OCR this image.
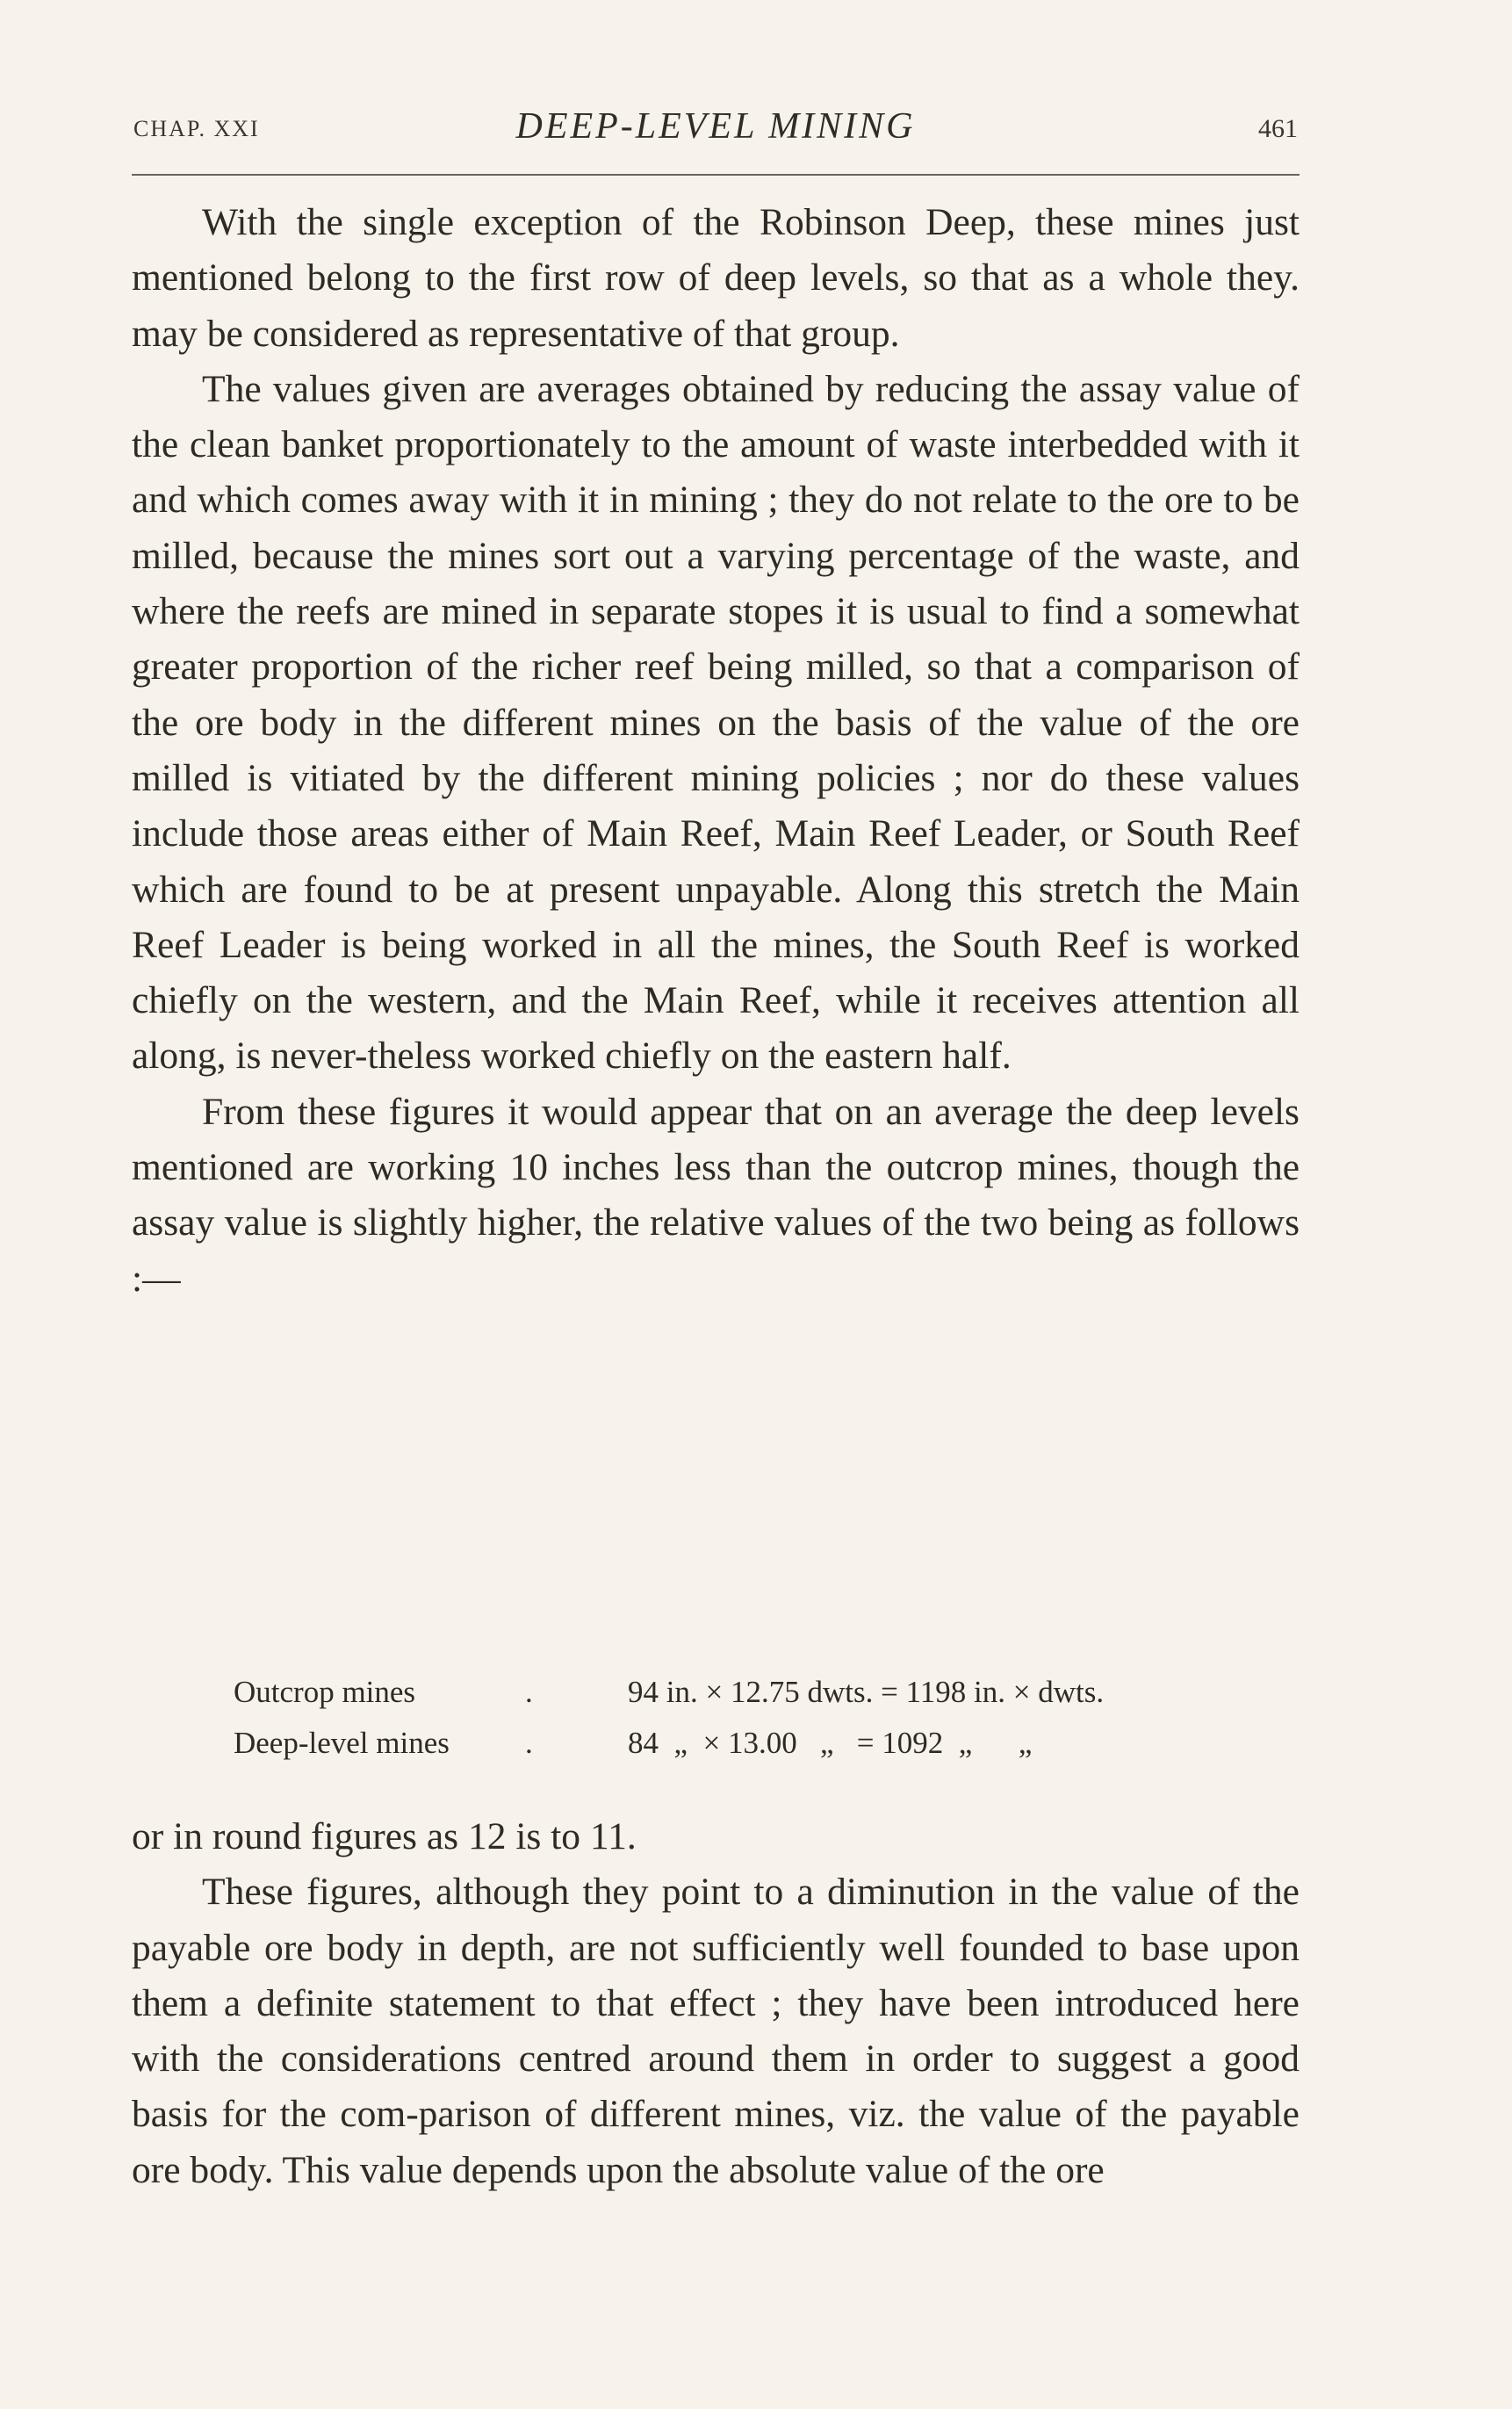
CHAP. XXI	DEEP-LEVEL MINING	461

With the single exception of the Robinson Deep, these mines just mentioned belong to the first row of deep levels, so that as a whole they. may be considered as representative of that group.

The values given are averages obtained by reducing the assay value of the clean banket proportionately to the amount of waste interbedded with it and which comes away with it in mining ; they do not relate to the ore to be milled, because the mines sort out a varying percentage of the waste, and where the reefs are mined in separate stopes it is usual to find a somewhat greater proportion of the richer reef being milled, so that a comparison of the ore body in the different mines on the basis of the value of the ore milled is vitiated by the different mining policies ; nor do these values include those areas either of Main Reef, Main Reef Leader, or South Reef which are found to be at present unpayable. Along this stretch the Main Reef Leader is being worked in all the mines, the South Reef is worked chiefly on the western, and the Main Reef, while it receives attention all along, is never-theless worked chiefly on the eastern half.

From these figures it would appear that on an average the deep levels mentioned are working 10 inches less than the outcrop mines, though the assay value is slightly higher, the relative values of the two being as follows :—

Outcrop mines	.	94 in. × 12.75 dwts. = 1198 in. × dwts.
Deep-level mines .	84  „  × 13.00   „   = 1092  „      „

or in round figures as 12 is to 11.

These figures, although they point to a diminution in the value of the payable ore body in depth, are not sufficiently well founded to base upon them a definite statement to that effect ; they have been introduced here with the considerations centred around them in order to suggest a good basis for the com-parison of different mines, viz. the value of the payable ore body. This value depends upon the absolute value of the ore
